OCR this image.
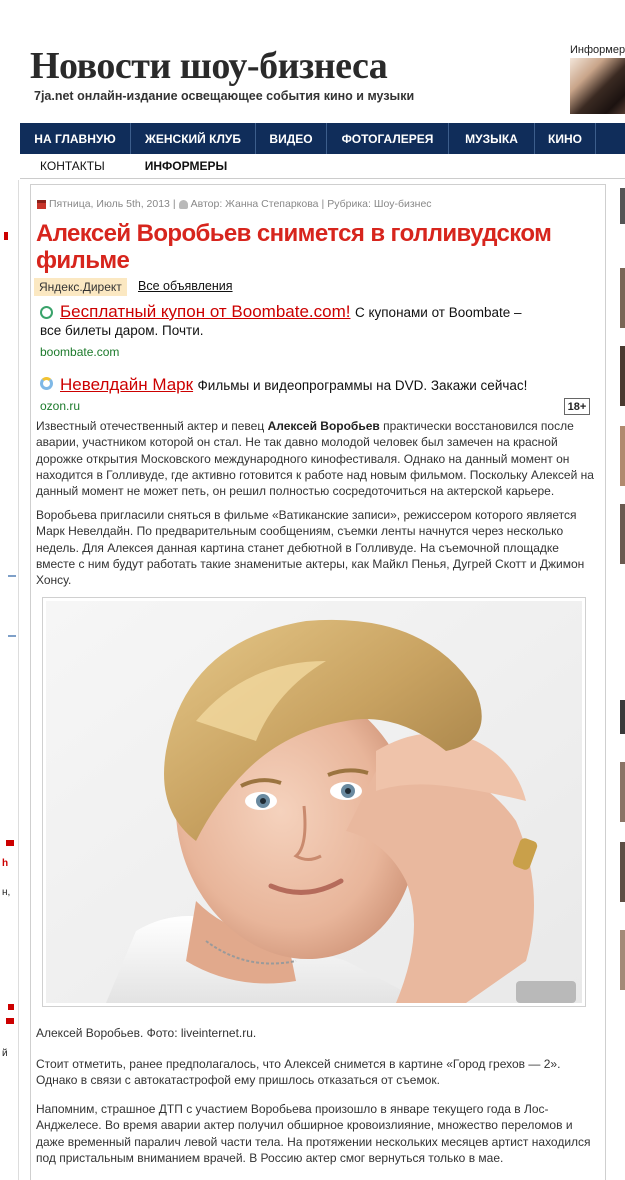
Новости шоу-бизнеса
7ja.net онлайн-издание освещающее события кино и музыки
Информер
НА ГЛАВНУЮ	ЖЕНСКИЙ КЛУБ	ВИДЕО	ФОТОГАЛЕРЕЯ	МУЗЫКА	КИНО
КОНТАКТЫ	ИНФОРМЕРЫ
h
н,
й
Пятница, Июль 5th, 2013 | Автор: Жанна Степаркова | Рубрика: Шоу-бизнес
Алексей Воробьев снимется в голливудском фильме
Яндекс.Директ	Все объявления
Бесплатный купон от Boombate.com! С купонами от Boombate –
все билеты даром. Почти.
boombate.com
Невелдайн Марк Фильмы и видеопрограммы на DVD. Закажи сейчас!
ozon.ru	18+
Известный отечественный актер и певец Алексей Воробьев практически восстановился после аварии, участником которой он стал. Не так давно молодой человек был замечен на красной дорожке открытия Московского международного кинофестиваля. Однако на данный момент он находится в Голливуде, где активно готовится к работе над новым фильмом. Поскольку Алексей на данный момент не может петь, он решил полностью сосредоточиться на актерской карьере.
Воробьева пригласили сняться в фильме «Ватиканские записи», режиссером которого является Марк Невелдайн. По предварительным сообщениям, съемки ленты начнутся через несколько недель. Для Алексея данная картина станет дебютной в Голливуде. На съемочной площадке вместе с ним будут работать такие знаменитые актеры, как Майкл Пенья, Дугрей Скотт и Джимон Хонсу.
Алексей Воробьев. Фото: liveinternet.ru.
Стоит отметить, ранее предполагалось, что Алексей снимется в картине «Город грехов — 2». Однако в связи с автокатастрофой ему пришлось отказаться от съемок.
Напомним, страшное ДТП с участием Воробьева произошло в январе текущего года в Лос-Анджелесе. Во время аварии актер получил обширное кровоизлияние, множество переломов и даже временный паралич левой части тела. На протяжении нескольких месяцев артист находился под пристальным вниманием врачей. В Россию актер смог вернуться только в мае.
